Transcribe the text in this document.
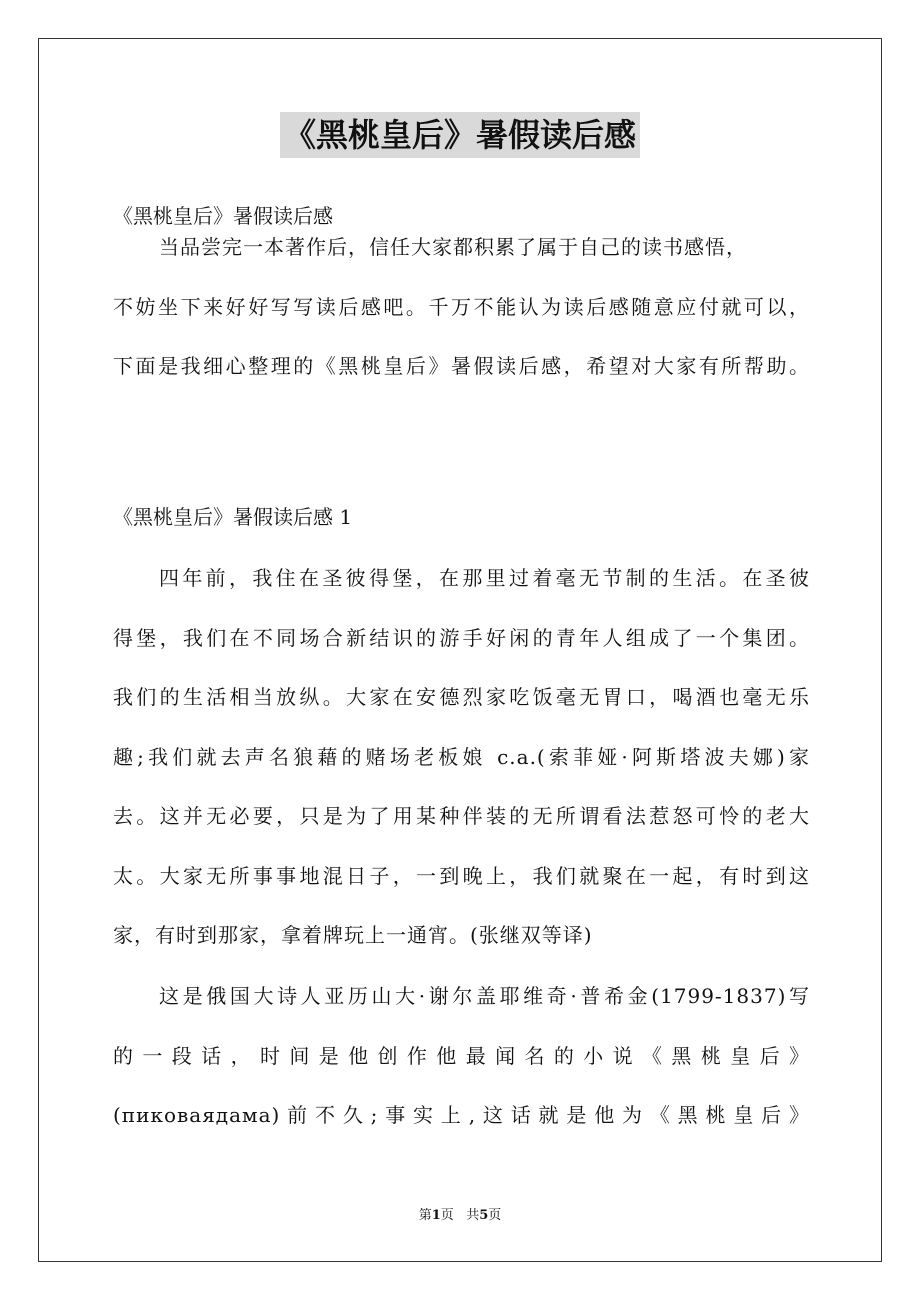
《黑桃皇后》暑假读后感
《黑桃皇后》暑假读后感
当品尝完一本著作后，信任大家都积累了属于自己的读书感悟，
不妨坐下来好好写写读后感吧。千万不能认为读后感随意应付就可以，
下面是我细心整理的《黑桃皇后》暑假读后感，希望对大家有所帮助。
《黑桃皇后》暑假读后感 1
四年前，我住在圣彼得堡，在那里过着毫无节制的生活。在圣彼
得堡，我们在不同场合新结识的游手好闲的青年人组成了一个集团。
我们的生活相当放纵。大家在安德烈家吃饭毫无胃口，喝酒也毫无乐
趣;我们就去声名狼藉的赌场老板娘 c.a.(索菲娅·阿斯塔波夫娜)家
去。这并无必要，只是为了用某种伴装的无所谓看法惹怒可怜的老大
太。大家无所事事地混日子，一到晚上，我们就聚在一起，有时到这
家，有时到那家，拿着牌玩上一通宵。(张继双等译)
这是俄国大诗人亚历山大·谢尔盖耶维奇·普希金(1799-1837)写
的一段话，时间是他创作他最闻名的小说《黑桃皇后》
(пиковаядама)前不久;事实上,这话就是他为《黑桃皇后》
第1页 共5页
